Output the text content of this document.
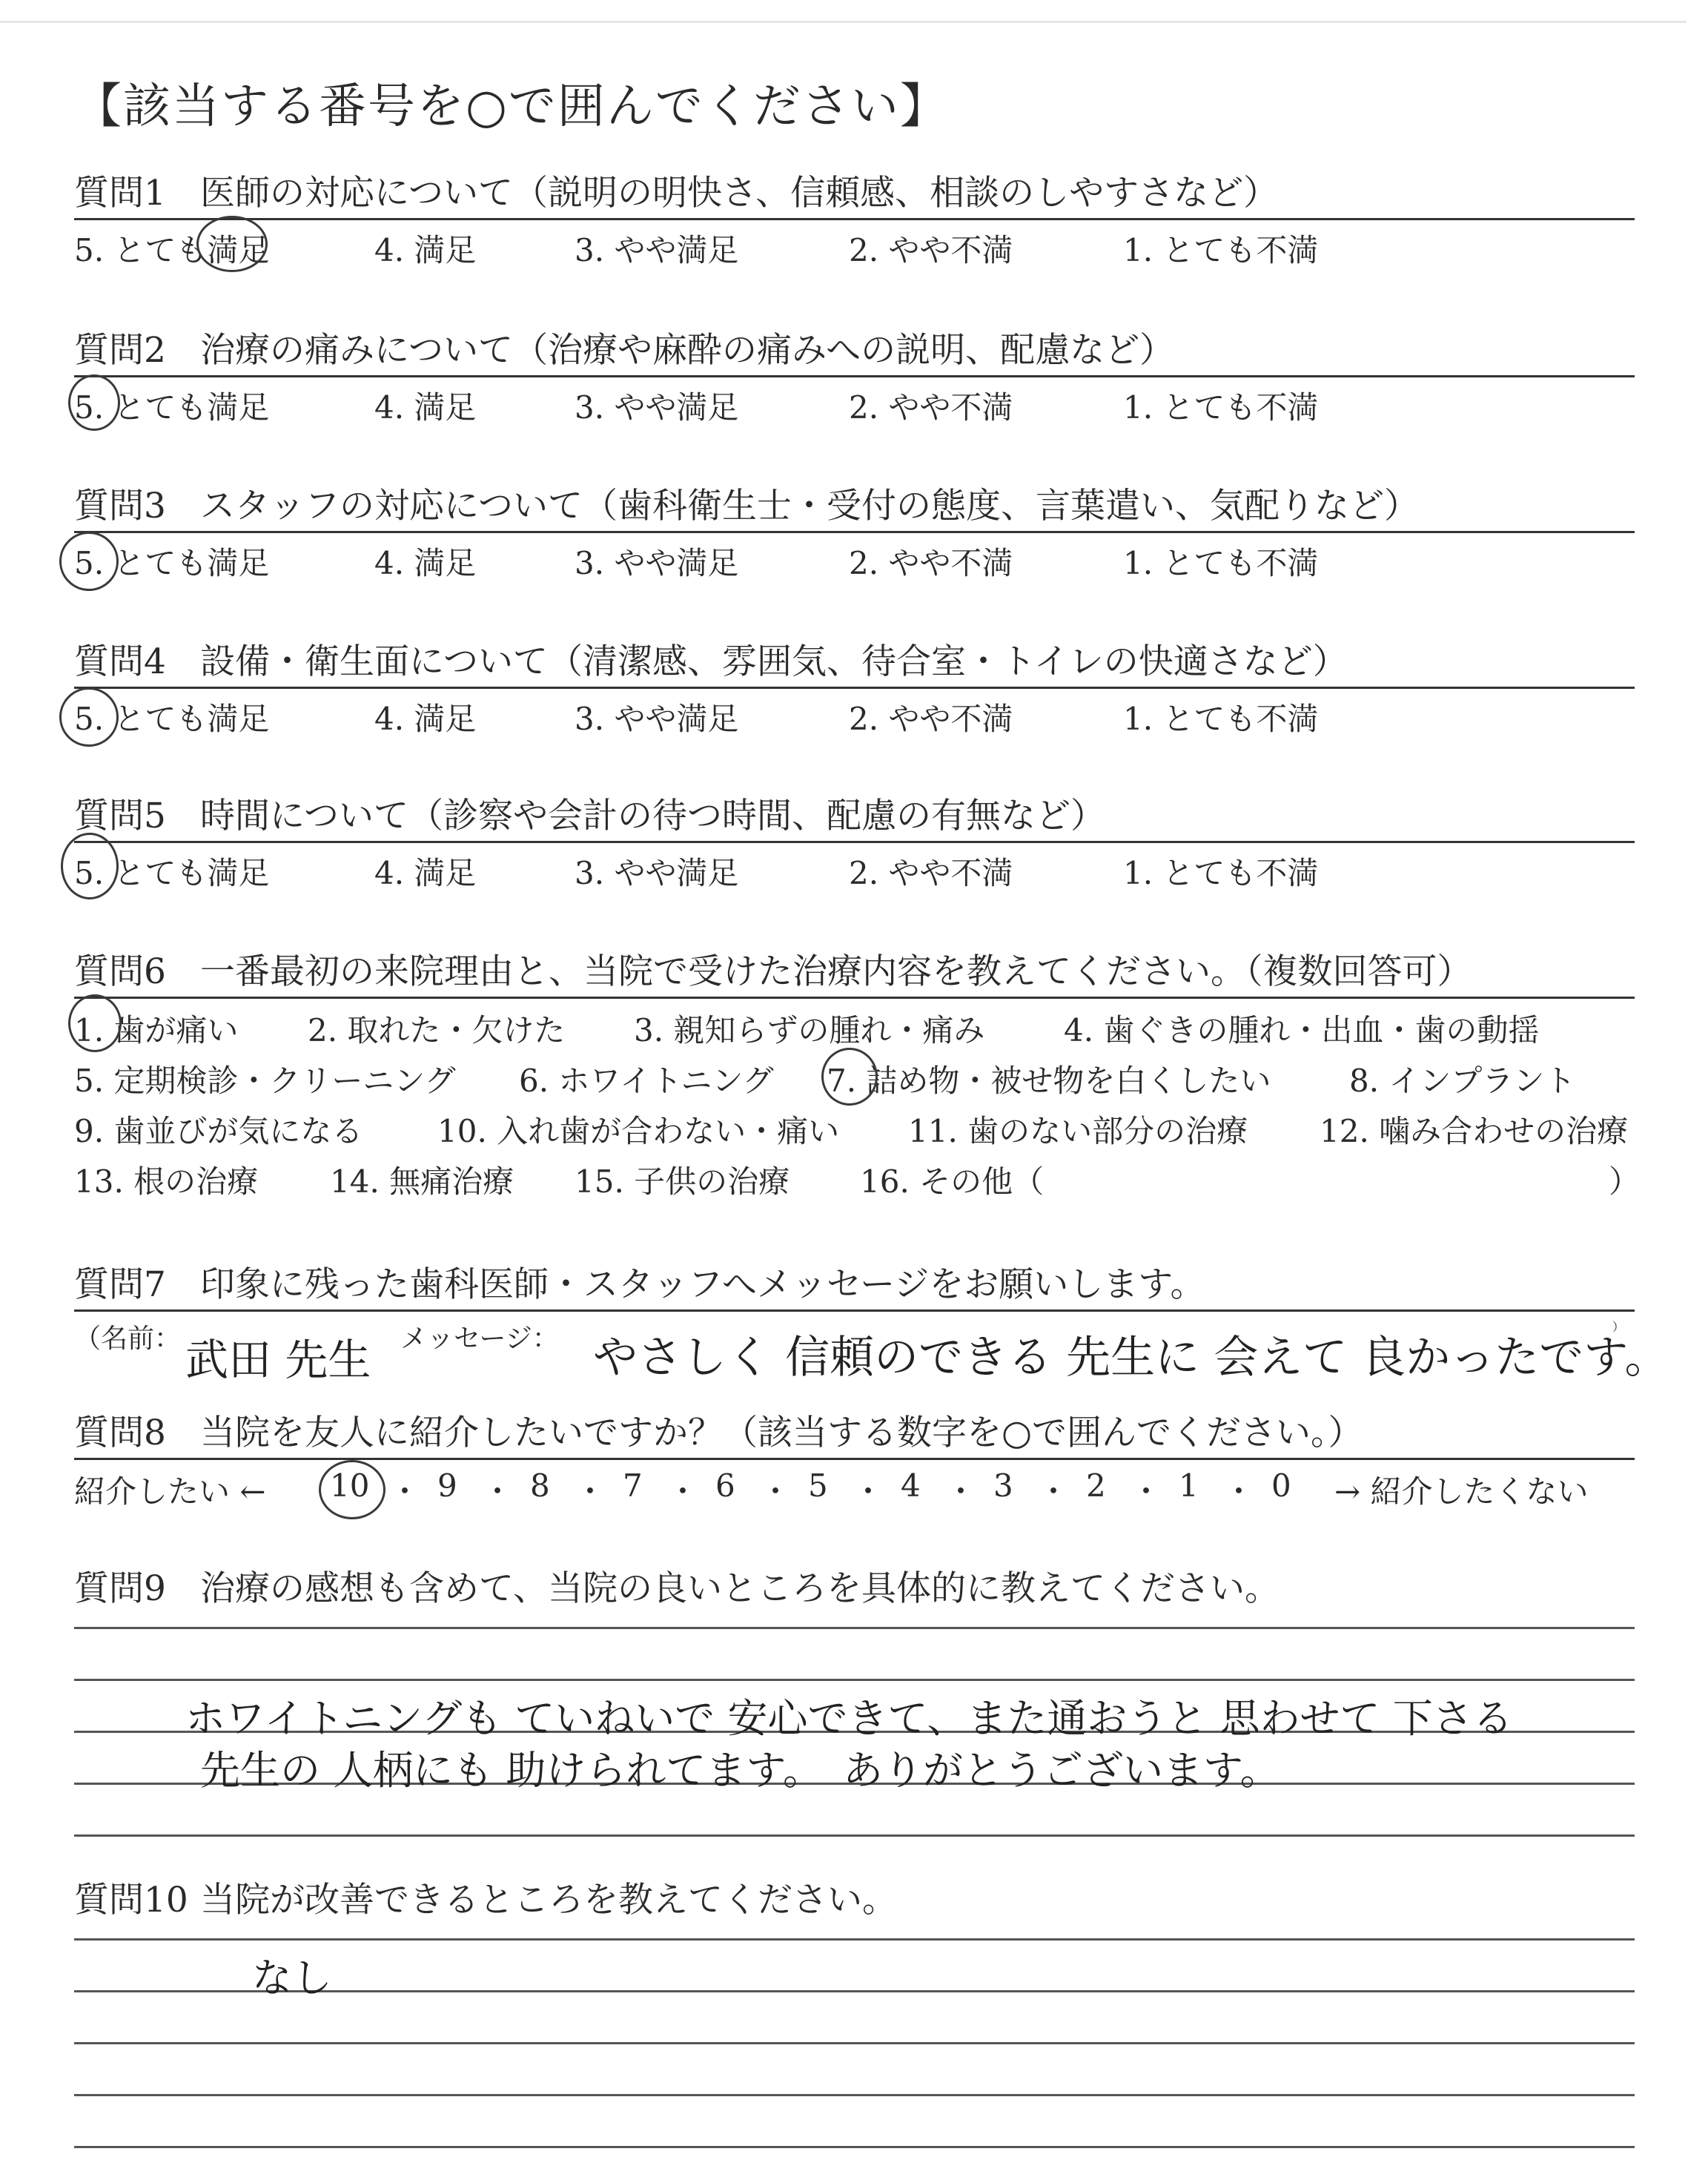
【該当する番号を○で囲んでください】
質問1 医師の対応について（説明の明快さ、信頼感、相談のしやすさなど）
5. とても満足	4. 満足	3. やや満足	2. やや不満	1. とても不満
質問2 治療の痛みについて（治療や麻酔の痛みへの説明、配慮など）
5. とても満足	4. 満足	3. やや満足	2. やや不満	1. とても不満
質問3 スタッフの対応について（歯科衛生士・受付の態度、言葉遣い、気配りなど）
5. とても満足	4. 満足	3. やや満足	2. やや不満	1. とても不満
質問4 設備・衛生面について（清潔感、雰囲気、待合室・トイレの快適さなど）
5. とても満足	4. 満足	3. やや満足	2. やや不満	1. とても不満
質問5 時間について（診察や会計の待つ時間、配慮の有無など）
5. とても満足	4. 満足	3. やや満足	2. やや不満	1. とても不満
質問6 一番最初の来院理由と、当院で受けた治療内容を教えてください。（複数回答可）
1. 歯が痛い 2. 取れた・欠けた 3. 親知らずの腫れ・痛み	4. 歯ぐきの腫れ・出血・歯の動揺
5. 定期検診・クリーニング 6. ホワイトニング 7. 詰め物・被せ物を白くしたい	8. インプラント
9. 歯並びが気になる 10. 入れ歯が合わない・痛い 11. 歯のない部分の治療 12. 噛み合わせの治療
13. 根の治療 14. 無痛治療 15. 子供の治療 16. その他（	）
質問7 印象に残った歯科医師・スタッフへメッセージをお願いします。
（名前： 武田 先生 メッセージ： やさしく 信頼のできる 先生に 会えて 良かったです。
）
質問8 当院を友人に紹介したいですか？（該当する数字を○で囲んでください。）
紹介したい ← 10 ・ 9 ・ 8 ・ 7 ・ 6 ・ 5 ・ 4 ・ 3 ・ 2 ・ 1 ・ 0 → 紹介したくない
質問9 治療の感想も含めて、当院の良いところを具体的に教えてください。
ホワイトニングも ていねいで 安心できて、また通おうと 思わせて 下さる
先生の 人柄にも 助けられてます。　ありがとうございます。
質問10 当院が改善できるところを教えてください。
なし
